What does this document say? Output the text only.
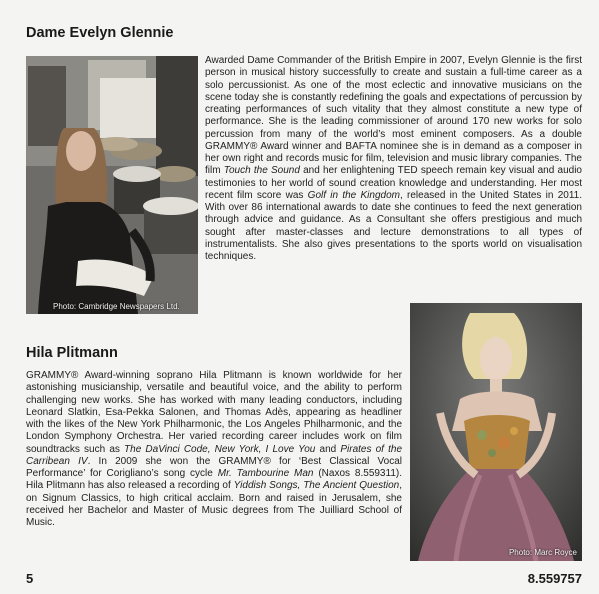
Dame Evelyn Glennie
Photo: Cambridge Newspapers Ltd.

Awarded Dame Commander of the British Empire in 2007, Evelyn Glennie is the first person in musical history successfully to create and sustain a full-time career as a solo percussionist. As one of the most eclectic and innovative musicians on the scene today she is constantly redefining the goals and expectations of percussion by creating performances of such vitality that they almost constitute a new type of performance. She is the leading commissioner of around 170 new works for solo percussion from many of the world’s most eminent composers. As a double GRAMMY® Award winner and BAFTA nominee she is in demand as a composer in her own right and records music for film, television and music library companies. The film Touch the Sound and her enlightening TED speech remain key visual and audio testimonies to her world of sound creation knowledge and understanding. Her most recent film score was Golf in the Kingdom, released in the United States in 2011. With over 86 international awards to date she continues to feed the next generation through advice and guidance. As a Consultant she offers prestigious and much sought after master-classes and lecture demonstrations to all types of instrumentalists. She also gives presentations to the sports world on visualisation techniques.

Hila Plitmann
Photo: Marc Royce

GRAMMY® Award-winning soprano Hila Plitmann is known worldwide for her astonishing musicianship, versatile and beautiful voice, and the ability to perform challenging new works. She has worked with many leading conductors, including Leonard Slatkin, Esa-Pekka Salonen, and Thomas Adès, appearing as headliner with the likes of the New York Philharmonic, the Los Angeles Philharmonic, and the London Symphony Orchestra. Her varied recording career includes work on film soundtracks such as The DaVinci Code, New York, I Love You and Pirates of the Carribean IV. In 2009 she won the GRAMMY® for ‘Best Classical Vocal Performance’ for Corigliano’s song cycle Mr. Tambourine Man (Naxos 8.559311). Hila Plitmann has also released a recording of Yiddish Songs, The Ancient Question, on Signum Classics, to high critical acclaim. Born and raised in Jerusalem, she received her Bachelor and Master of Music degrees from The Juilliard School of Music.

5	8.559757
